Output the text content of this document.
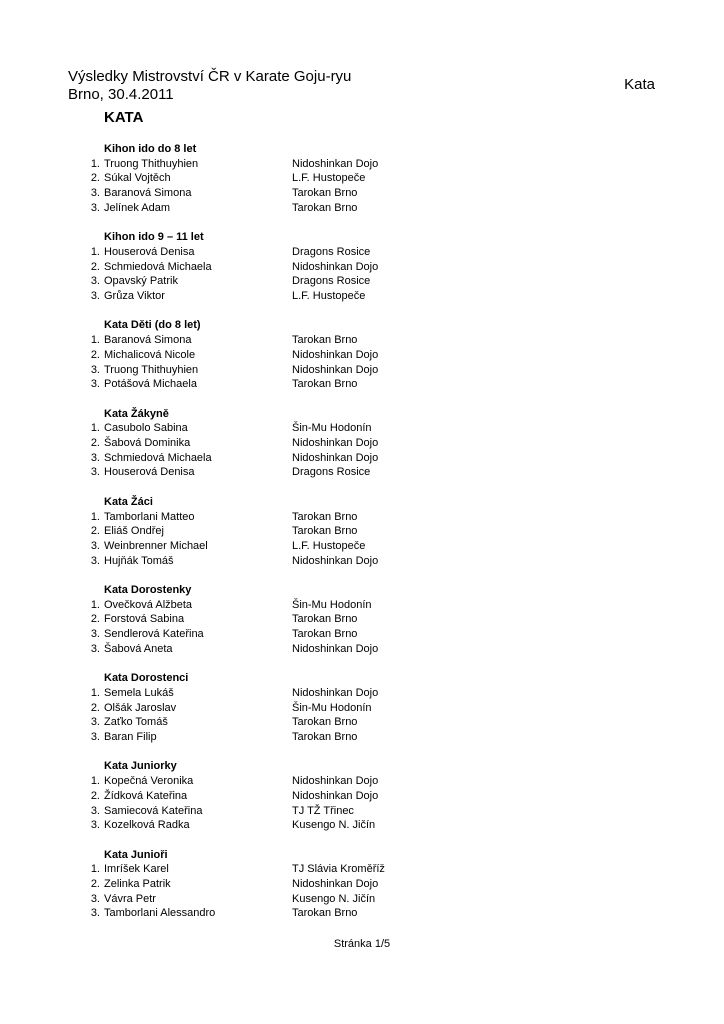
Výsledky Mistrovství ČR v Karate Goju-ryu
Brno, 30.4.2011
Kata
KATA
Kihon ido do 8 let
1. Truong Thithuyhien	Nidoshinkan Dojo
2. Súkal Vojtěch	L.F. Hustopeče
3. Baranová Simona	Tarokan Brno
3. Jelínek Adam	Tarokan Brno
Kihon ido 9 – 11 let
1. Houserová Denisa	Dragons Rosice
2. Schmiedová Michaela	Nidoshinkan Dojo
3. Opavský Patrik	Dragons Rosice
3. Grůza Viktor	L.F. Hustopeče
Kata Děti (do 8 let)
1. Baranová Simona	Tarokan Brno
2. Michalicová Nicole	Nidoshinkan Dojo
3. Truong Thithuyhien	Nidoshinkan Dojo
3. Potášová Michaela	Tarokan Brno
Kata Žákyně
1. Casubolo Sabina	Šin-Mu Hodonín
2. Šabová Dominika	Nidoshinkan Dojo
3. Schmiedová Michaela	Nidoshinkan Dojo
3. Houserová Denisa	Dragons Rosice
Kata Žáci
1. Tamborlani Matteo	Tarokan Brno
2. Eliáš Ondřej	Tarokan Brno
3. Weinbrenner Michael	L.F. Hustopeče
3. Hujňák Tomáš	Nidoshinkan Dojo
Kata Dorostenky
1. Ovečková Alžbeta	Šin-Mu Hodonín
2. Forstová Sabina	Tarokan Brno
3. Sendlerová Kateřina	Tarokan Brno
3. Šabová Aneta	Nidoshinkan Dojo
Kata Dorostenci
1. Semela Lukáš	Nidoshinkan Dojo
2. Olšák Jaroslav	Šin-Mu Hodonín
3. Zaťko Tomáš	Tarokan Brno
3. Baran Filip	Tarokan Brno
Kata Juniorky
1. Kopečná Veronika	Nidoshinkan Dojo
2. Žídková Kateřina	Nidoshinkan Dojo
3. Samiecová Kateřina	TJ TŽ Třinec
3. Kozelková Radka	Kusengo N. Jičín
Kata Junioři
1. Imríšek Karel	TJ Slávia Kroměříž
2. Zelinka Patrik	Nidoshinkan Dojo
3. Vávra Petr	Kusengo N. Jičín
3. Tamborlani Alessandro	Tarokan Brno
Stránka 1/5
